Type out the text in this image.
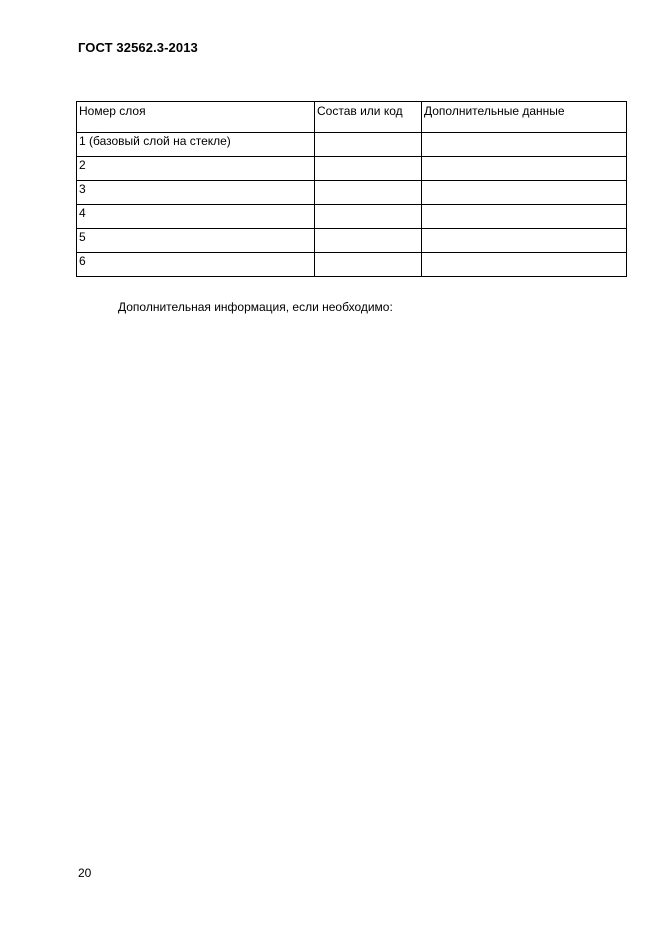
ГОСТ 32562.3-2013
Номер слоя	Состав или код	Дополнительные данные
1 (базовый слой на стекле)		
2		
3		
4		
5		
6		
Дополнительная информация, если необходимо:
20
